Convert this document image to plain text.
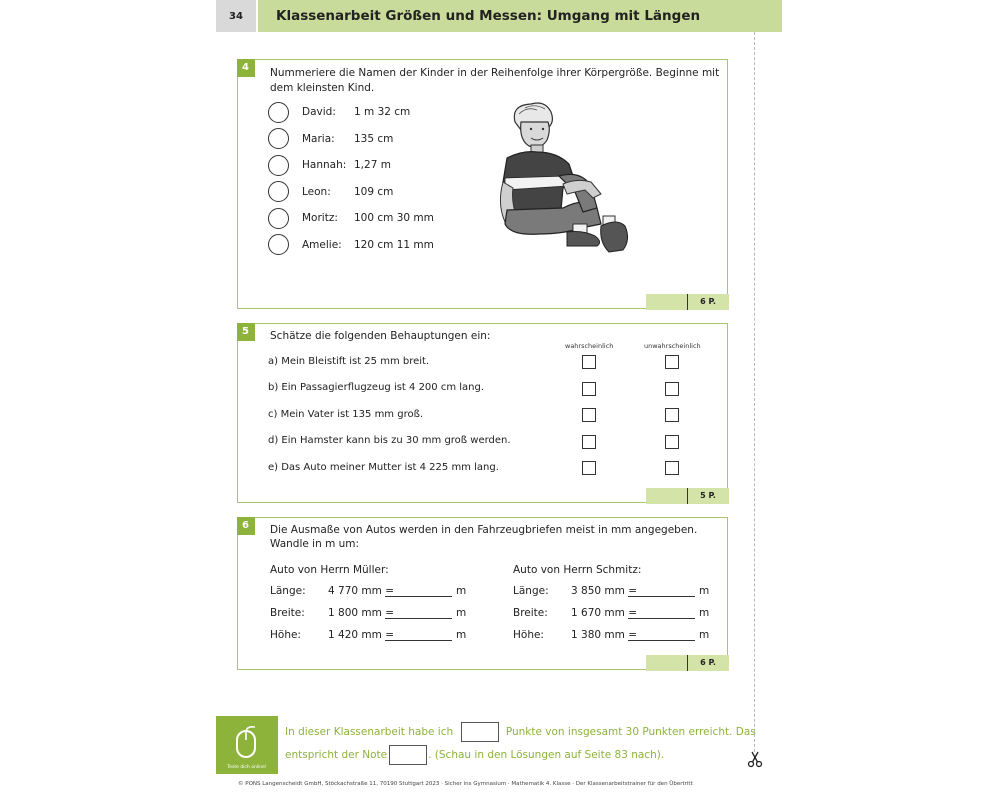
34	Klassenarbeit Größen und Messen: Umgang mit Längen
4	Nummeriere die Namen der Kinder in der Reihenfolge ihrer Körpergröße. Beginne mit dem kleinsten Kind.
David: 1 m 32 cm
Maria: 135 cm
Hannah: 1,27 m
Leon: 109 cm
Moritz: 100 cm 30 mm
Amelie: 120 cm 11 mm
6 P.
5	Schätze die folgenden Behauptungen ein:
wahrscheinlich	unwahrscheinlich
a) Mein Bleistift ist 25 mm breit.
b) Ein Passagierflugzeug ist 4 200 cm lang.
c) Mein Vater ist 135 mm groß.
d) Ein Hamster kann bis zu 30 mm groß werden.
e) Das Auto meiner Mutter ist 4 225 mm lang.
5 P.
6	Die Ausmaße von Autos werden in den Fahrzeugbriefen meist in mm angegeben.
Wandle in m um:
Auto von Herrn Müller:
Länge: 4 770 mm =	m
Breite: 1 800 mm =	m
Höhe:	1 420 mm =	m
Auto von Herrn Schmitz:
Länge: 3 850 mm =	m
Breite: 1 670 mm =	m
Höhe:	1 380 mm =	m
6 P.
Teste dich online!
In dieser Klassenarbeit habe ich	Punkte von insgesamt 30 Punkten erreicht. Das
entspricht der Note	. (Schau in den Lösungen auf Seite 83 nach).
© PONS Langenscheidt GmbH, Stöckachstraße 11, 70190 Stuttgart 2023 · Sicher ins Gymnasium · Mathematik 4. Klasse · Der Klassenarbeitstrainer für den Übertritt
